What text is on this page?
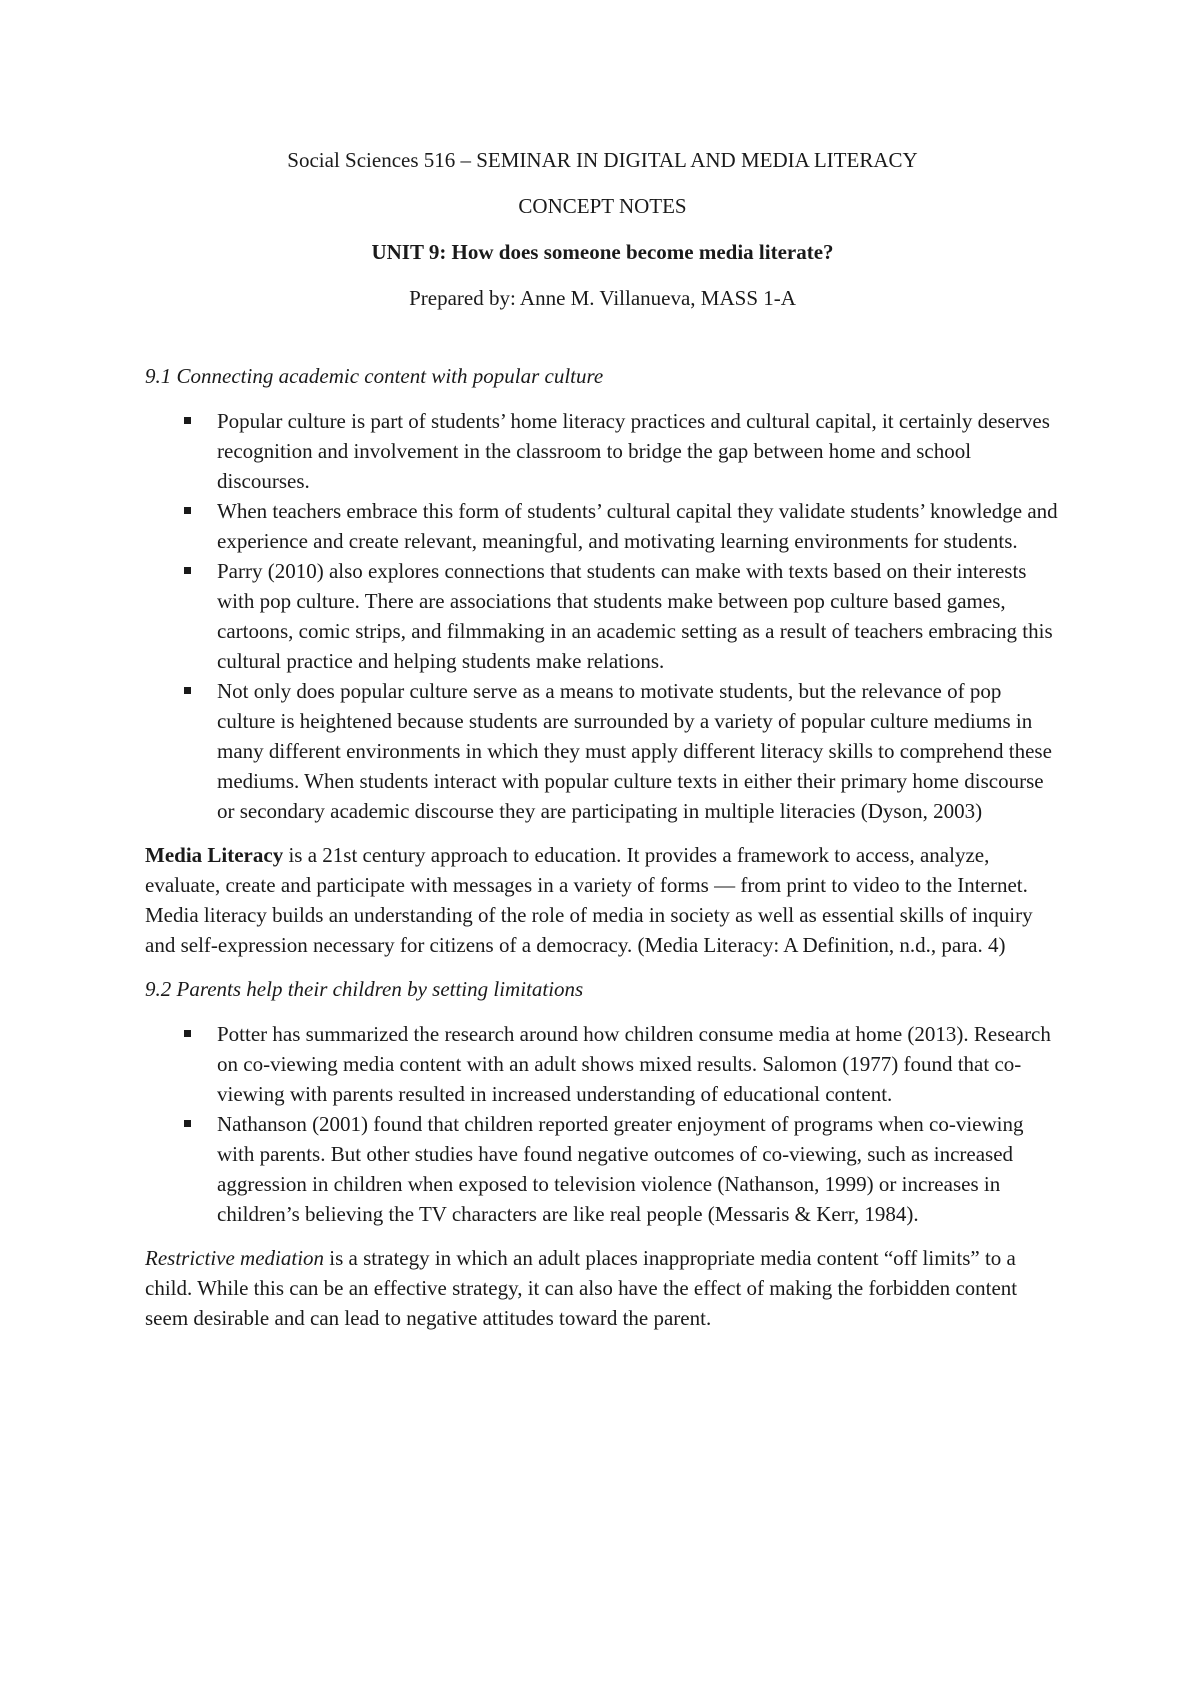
Social Sciences 516 – SEMINAR IN DIGITAL AND MEDIA LITERACY
CONCEPT NOTES
UNIT 9: How does someone become media literate?
Prepared by: Anne M. Villanueva, MASS 1-A
9.1 Connecting academic content with popular culture
Popular culture is part of students’ home literacy practices and cultural capital, it certainly deserves recognition and involvement in the classroom to bridge the gap between home and school discourses.
When teachers embrace this form of students’ cultural capital they validate students’ knowledge and experience and create relevant, meaningful, and motivating learning environments for students.
Parry (2010) also explores connections that students can make with texts based on their interests with pop culture. There are associations that students make between pop culture based games, cartoons, comic strips, and filmmaking in an academic setting as a result of teachers embracing this cultural practice and helping students make relations.
Not only does popular culture serve as a means to motivate students, but the relevance of pop culture is heightened because students are surrounded by a variety of popular culture mediums in many different environments in which they must apply different literacy skills to comprehend these mediums. When students interact with popular culture texts in either their primary home discourse or secondary academic discourse they are participating in multiple literacies (Dyson, 2003)

Media Literacy is a 21st century approach to education. It provides a framework to access, analyze, evaluate, create and participate with messages in a variety of forms — from print to video to the Internet. Media literacy builds an understanding of the role of media in society as well as essential skills of inquiry and self-expression necessary for citizens of a democracy. (Media Literacy: A Definition, n.d., para. 4)

9.2 Parents help their children by setting limitations
Potter has summarized the research around how children consume media at home (2013). Research on co-viewing media content with an adult shows mixed results. Salomon (1977) found that co-viewing with parents resulted in increased understanding of educational content.
Nathanson (2001) found that children reported greater enjoyment of programs when co-viewing with parents. But other studies have found negative outcomes of co-viewing, such as increased aggression in children when exposed to television violence (Nathanson, 1999) or increases in children’s believing the TV characters are like real people (Messaris & Kerr, 1984).

Restrictive mediation is a strategy in which an adult places inappropriate media content “off limits” to a child. While this can be an effective strategy, it can also have the effect of making the forbidden content seem desirable and can lead to negative attitudes toward the parent.
